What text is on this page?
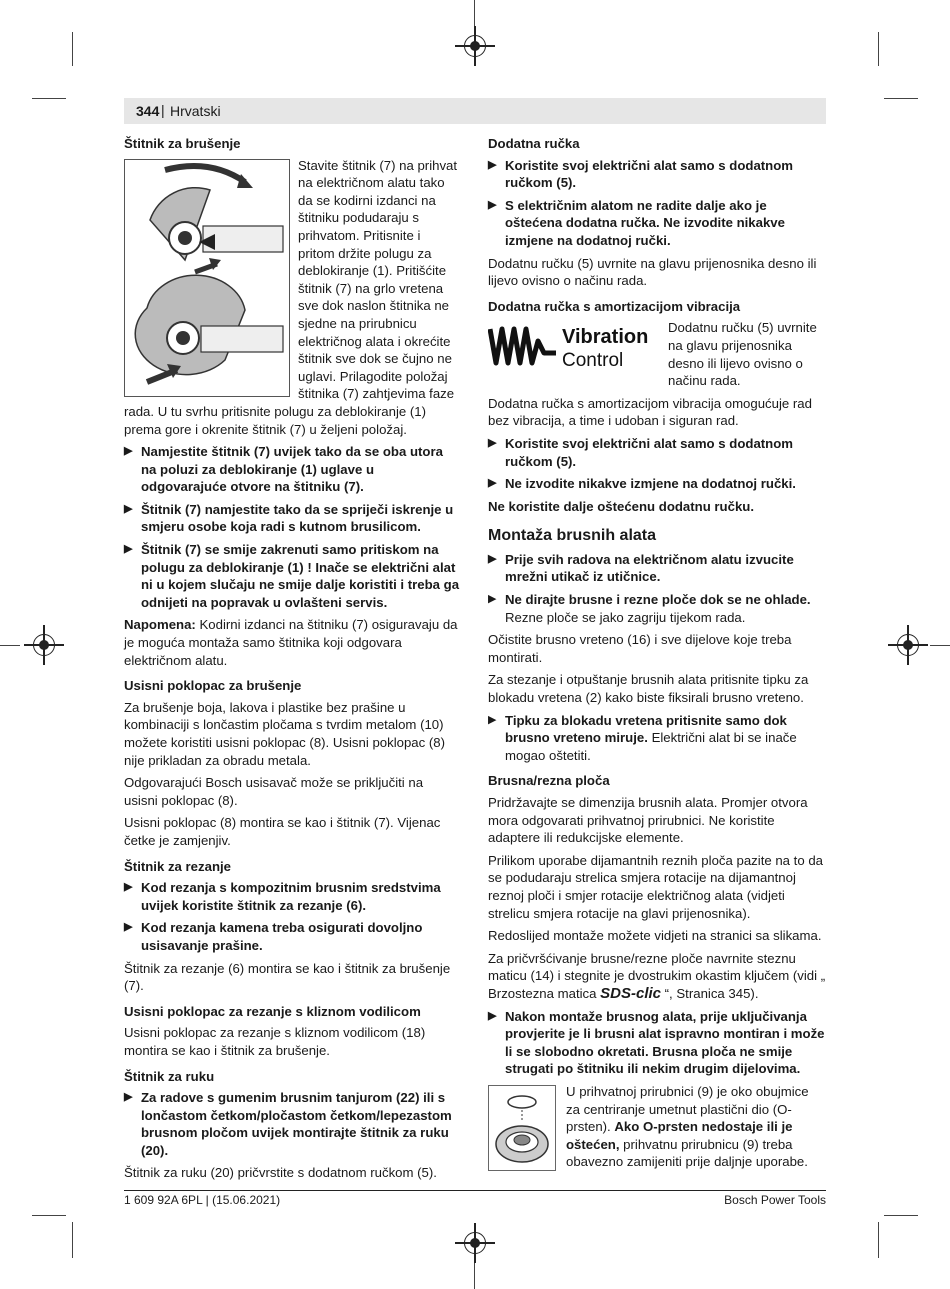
344 | Hrvatski
Štitnik za brušenje

Stavite štitnik (7) na prihvat na električnom alatu tako da se kodirni izdanci na štitniku podudaraju s prihvatom. Pritisnite i pritom držite polugu za deblokiranje (1). Pritišćite štitnik (7) na grlo vretena sve dok naslon štitnika ne sjedne na prirubnicu električnog alata i okrećite štitnik sve dok se čujno ne uglavi. Prilagodite položaj štitnika (7) zahtjevima faze rada. U tu svrhu pritisnite polugu za deblokiranje (1) prema gore i okrenite štitnik (7) u željeni položaj.

▶ Namjestite štitnik (7) uvijek tako da se oba utora na poluzi za deblokiranje (1) uglave u odgovarajuće otvore na štitniku (7).
▶ Štitnik (7) namjestite tako da se spriječi iskrenje u smjeru osobe koja radi s kutnom brusilicom.
▶ Štitnik (7) se smije zakrenuti samo pritiskom na polugu za deblokiranje (1) ! Inače se električni alat ni u kojem slučaju ne smije dalje koristiti i treba ga odnijeti na popravak u ovlašteni servis.

Napomena: Kodirni izdanci na štitniku (7) osiguravaju da je moguća montaža samo štitnika koji odgovara električnom alatu.

Usisni poklopac za brušenje

Za brušenje boja, lakova i plastike bez prašine u kombinaciji s lončastim pločama s tvrdim metalom (10) možete koristiti usisni poklopac (8). Usisni poklopac (8) nije prikladan za obradu metala.

Odgovarajući Bosch usisavač može se priključiti na usisni poklopac (8).

Usisni poklopac (8) montira se kao i štitnik (7). Vijenac četke je zamjenjiv.

Štitnik za rezanje
▶ Kod rezanja s kompozitnim brusnim sredstvima uvijek koristite štitnik za rezanje (6).
▶ Kod rezanja kamena treba osigurati dovoljno usisavanje prašine.

Štitnik za rezanje (6) montira se kao i štitnik za brušenje (7).

Usisni poklopac za rezanje s kliznom vodilicom

Usisni poklopac za rezanje s kliznom vodilicom (18) montira se kao i štitnik za brušenje.

Štitnik za ruku
▶ Za radove s gumenim brusnim tanjurom (22) ili s lončastom četkom/pločastom četkom/lepezastom brusnom pločom uvijek montirajte štitnik za ruku (20).

Štitnik za ruku (20) pričvrstite s dodatnom ručkom (5).

Dodatna ručka
▶ Koristite svoj električni alat samo s dodatnom ručkom (5).
▶ S električnim alatom ne radite dalje ako je oštećena dodatna ručka. Ne izvodite nikakve izmjene na dodatnoj ručki.

Dodatnu ručku (5) uvrnite na glavu prijenosnika desno ili lijevo ovisno o načinu rada.

Dodatna ručka s amortizacijom vibracija
Vibration
Control

Dodatnu ručku (5) uvrnite na glavu prijenosnika desno ili lijevo ovisno o načinu rada.

Dodatna ručka s amortizacijom vibracija omogućuje rad bez vibracija, a time i udoban i siguran rad.

▶ Koristite svoj električni alat samo s dodatnom ručkom (5).
▶ Ne izvodite nikakve izmjene na dodatnoj ručki.

Ne koristite dalje oštećenu dodatnu ručku.

Montaža brusnih alata
▶ Prije svih radova na električnom alatu izvucite mrežni utikač iz utičnice.
▶ Ne dirajte brusne i rezne ploče dok se ne ohlade.
Rezne ploče se jako zagriju tijekom rada.

Očistite brusno vreteno (16) i sve dijelove koje treba montirati.

Za stezanje i otpuštanje brusnih alata pritisnite tipku za blokadu vretena (2) kako biste fiksirali brusno vreteno.

▶ Tipku za blokadu vretena pritisnite samo dok brusno vreteno miruje. Električni alat bi se inače mogao oštetiti.
Brusna/rezna ploča

Pridržavajte se dimenzija brusnih alata. Promjer otvora mora odgovarati prihvatnoj prirubnici. Ne koristite adaptere ili redukcijske elemente.

Prilikom uporabe dijamantnih reznih ploča pazite na to da se podudaraju strelica smjera rotacije na dijamantnoj reznoj ploči i smjer rotacije električnog alata (vidjeti strelicu smjera rotacije na glavi prijenosnika).

Redoslijed montaže možete vidjeti na stranici sa slikama.

Za pričvršćivanje brusne/rezne ploče navrnite steznu maticu (14) i stegnite je dvostrukim okastim ključem (vidi „ Brzostezna matica SDS-clic “, Stranica 345).

▶ Nakon montaže brusnog alata, prije uključivanja provjerite je li brusni alat ispravno montiran i može li se slobodno okretati. Brusna ploča ne smije strugati po štitniku ili nekim drugim dijelovima.

U prihvatnoj prirubnici (9) je oko obujmice za centriranje umetnut plastični dio (O-prsten). Ako O-prsten nedostaje ili je oštećen, prihvatnu prirubnicu (9) treba obavezno zamijeniti prije daljnje uporabe.

1 609 92A 6PL | (15.06.2021)	Bosch Power Tools
